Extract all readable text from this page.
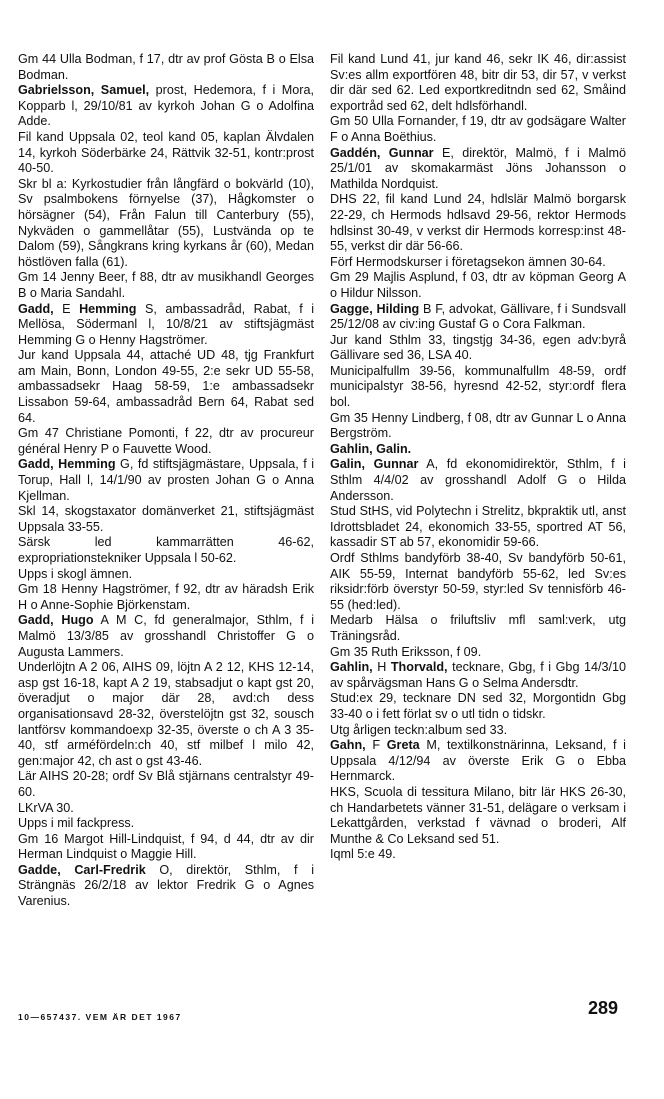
Gm 44 Ulla Bodman, f 17, dtr av prof Gösta B o Elsa Bodman.

Gabrielsson, Samuel, prost, Hedemora, f i Mora, Kopparb l, 29/10/81 av kyrkoh Johan G o Adolfina Adde.

Fil kand Uppsala 02, teol kand 05, kaplan Älvdalen 14, kyrkoh Söderbärke 24, Rättvik 32-51, kontr:prost 40-50.

Skr bl a: Kyrkostudier från långfärd o bokvärld (10), Sv psalmbokens förnyelse (37), Hågkomster o hörsägner (54), Från Falun till Canterbury (55), Nykväden o gammellåtar (55), Lustvända op te Dalom (59), Sångkrans kring kyrkans år (60), Medan höstlöven falla (61).

Gm 14 Jenny Beer, f 88, dtr av musikhandl Georges B o Maria Sandahl.

Gadd, E Hemming S, ambassadråd, Rabat, f i Mellösa, Södermanl l, 10/8/21 av stiftsjägmäst Hemming G o Henny Hagströmer.

Jur kand Uppsala 44, attaché UD 48, tjg Frankfurt am Main, Bonn, London 49-55, 2:e sekr UD 55-58, ambassadsekr Haag 58-59, 1:e ambassadsekr Lissabon 59-64, ambassadråd Bern 64, Rabat sed 64.

Gm 47 Christiane Pomonti, f 22, dtr av procureur général Henry P o Fauvette Wood.

Gadd, Hemming G, fd stiftsjägmästare, Uppsala, f i Torup, Hall l, 14/1/90 av prosten Johan G o Anna Kjellman.

Skl 14, skogstaxator domänverket 21, stiftsjägmäst Uppsala 33-55.

Särsk led kammarrätten 46-62, expropriationstekniker Uppsala l 50-62.

Upps i skogl ämnen.

Gm 18 Henny Hagströmer, f 92, dtr av häradsh Erik H o Anne-Sophie Björkenstam.

Gadd, Hugo A M C, fd generalmajor, Sthlm, f i Malmö 13/3/85 av grosshandl Christoffer G o Augusta Lammers.

Underlöjtn A 2 06, AIHS 09, löjtn A 2 12, KHS 12-14, asp gst 16-18, kapt A 2 19, stabsadjut o kapt gst 20, överadjut o major där 28, avd:ch dess organisationsavd 28-32, överstelöjtn gst 32, sousch lantförsv kommandoexp 32-35, överste o ch A 3 35-40, stf arméfördeln:ch 40, stf milbef l milo 42, gen:major 42, ch ast o gst 43-46.

Lär AIHS 20-28; ordf Sv Blå stjärnans centralstyr 49-60.

LKrVA 30.

Upps i mil fackpress.

Gm 16 Margot Hill-Lindquist, f 94, d 44, dtr av dir Herman Lindquist o Maggie Hill.

Gadde, Carl-Fredrik O, direktör, Sthlm, f i Strängnäs 26/2/18 av lektor Fredrik G o Agnes Varenius.

Fil kand Lund 41, jur kand 46, sekr IK 46, dir:assist Sv:es allm exportfören 48, bitr dir 53, dir 57, v verkst dir där sed 62. Led exportkreditndn sed 62, Småind exportråd sed 62, delt hdlsförhandl.

Gm 50 Ulla Fornander, f 19, dtr av godsägare Walter F o Anna Boëthius.

Gaddén, Gunnar E, direktör, Malmö, f i Malmö 25/1/01 av skomakarmäst Jöns Johansson o Mathilda Nordquist.

DHS 22, fil kand Lund 24, hdlslär Malmö borgarsk 22-29, ch Hermods hdlsavd 29-56, rektor Hermods hdlsinst 30-49, v verkst dir Hermods korresp:inst 48-55, verkst dir där 56-66.

Förf Hermodskurser i företagsekon ämnen 30-64.

Gm 29 Majlis Asplund, f 03, dtr av köpman Georg A o Hildur Nilsson.

Gagge, Hilding B F, advokat, Gällivare, f i Sundsvall 25/12/08 av civ:ing Gustaf G o Cora Falkman.

Jur kand Sthlm 33, tingstjg 34-36, egen adv:byrå Gällivare sed 36, LSA 40.

Municipalfullm 39-56, kommunalfullm 48-59, ordf municipalstyr 38-56, hyresnd 42-52, styr:ordf flera bol.

Gm 35 Henny Lindberg, f 08, dtr av Gunnar L o Anna Bergström.

Gahlin, Galin.

Galin, Gunnar A, fd ekonomidirektör, Sthlm, f i Sthlm 4/4/02 av grosshandl Adolf G o Hilda Andersson.

Stud StHS, vid Polytechn i Strelitz, bkpraktik utl, anst Idrottsbladet 24, ekonomich 33-55, sportred AT 56, kassadir ST ab 57, ekonomidir 59-66.

Ordf Sthlms bandyförb 38-40, Sv bandyförb 50-61, AIK 55-59, Internat bandyförb 55-62, led Sv:es riksidr:förb överstyr 50-59, styr:led Sv tennisförb 46-55 (hed:led).

Medarb Hälsa o friluftsliv mfl saml:verk, utg Träningsråd.

Gm 35 Ruth Eriksson, f 09.

Gahlin, H Thorvald, tecknare, Gbg, f i Gbg 14/3/10 av spårvägsman Hans G o Selma Andersdtr.

Stud:ex 29, tecknare DN sed 32, Morgontidn Gbg 33-40 o i fett förlat sv o utl tidn o tidskr.

Utg årligen teckn:album sed 33.

Gahn, F Greta M, textilkonstnärinna, Leksand, f i Uppsala 4/12/94 av överste Erik G o Ebba Hernmarck.

HKS, Scuola di tessitura Milano, bitr lär HKS 26-30, ch Handarbetets vänner 31-51, delägare o verksam i Lekattgården, verkstad f vävnad o broderi, Alf Munthe & Co Leksand sed 51.

Iqml 5:e 49.

10—657437. VEM ÄR DET 1967	289
